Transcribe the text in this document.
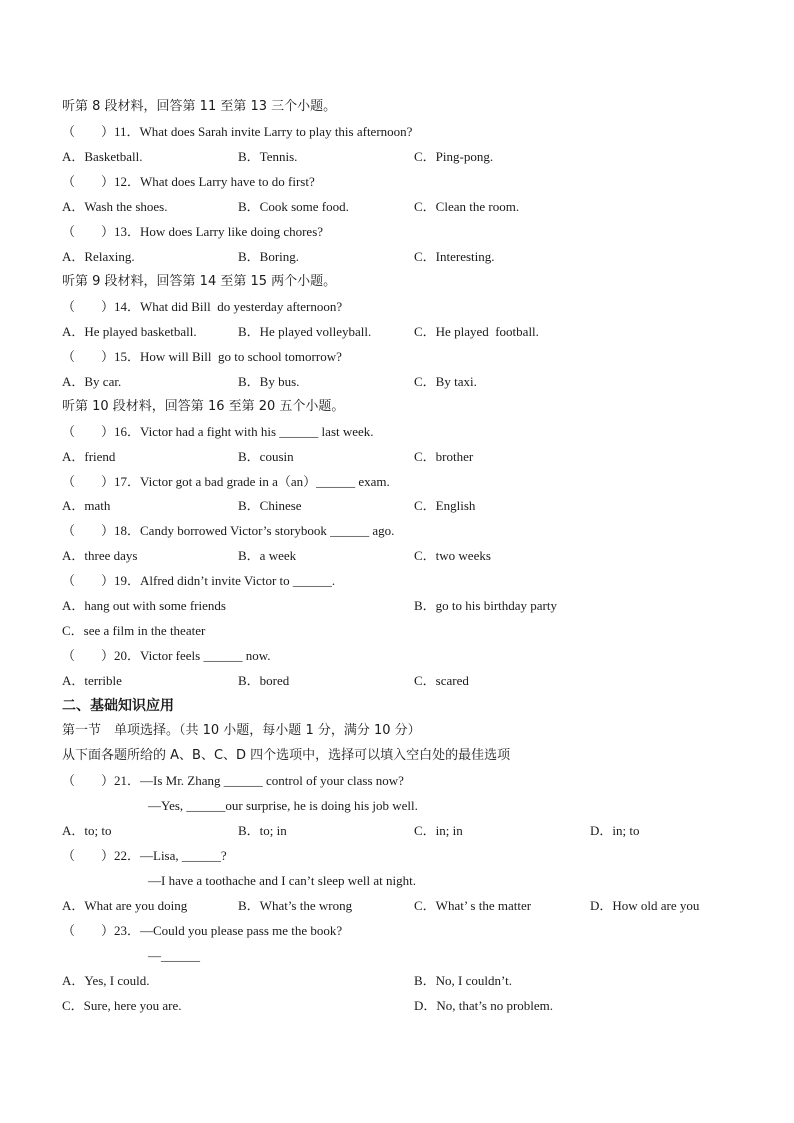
听第 8 段材料，回答第 11 至第 13 三个小题。
（　　）11．What does Sarah invite Larry to play this afternoon?
A．Basketball.	B．Tennis.	C．Ping-pong.
（　　）12．What does Larry have to do first?
A．Wash the shoes.	B．Cook some food.	C．Clean the room.
（　　）13．How does Larry like doing chores?
A．Relaxing.	B．Boring.	C．Interesting.
听第 9 段材料，回答第 14 至第 15 两个小题。
（　　）14．What did Bill  do yesterday afternoon?
A．He played basketball.	B．He played volleyball.	C．He played  football.
（　　）15．How will Bill  go to school tomorrow?
A．By car.	B．By bus.	C．By taxi.
听第 10 段材料，回答第 16 至第 20 五个小题。
（　　）16．Victor had a fight with his ______ last week.
A．friend	B．cousin	C．brother
（　　）17．Victor got a bad grade in a（an）______ exam.
A．math	B．Chinese	C．English
（　　）18．Candy borrowed Victor’s storybook ______ ago.
A．three days	B．a week	C．two weeks
（　　）19．Alfred didn’t invite Victor to ______.
A．hang out with some friends	B．go to his birthday party
C．see a film in the theater
（　　）20．Victor feels ______ now.
A．terrible	B．bored	C．scared
二、基础知识应用
第一节　单项选择。（共 10 小题，每小题 1 分，满分 10 分）
从下面各题所给的 A、B、C、D 四个选项中，选择可以填入空白处的最佳选项
（　　）21．—Is Mr. Zhang ______ control of your class now?
—Yes, ______our surprise, he is doing his job well.
A．to; to	B．to; in	C．in; in	D．in; to
（　　）22．—Lisa, ______?
—I have a toothache and I can’t sleep well at night.
A．What are you doing	B．What’s the wrong	C．What’ s the matter	D．How old are you
（　　）23．—Could you please pass me the book?
—______
A．Yes, I could.	B．No, I couldn’t.
C．Sure, here you are.	D．No, that’s no problem.
